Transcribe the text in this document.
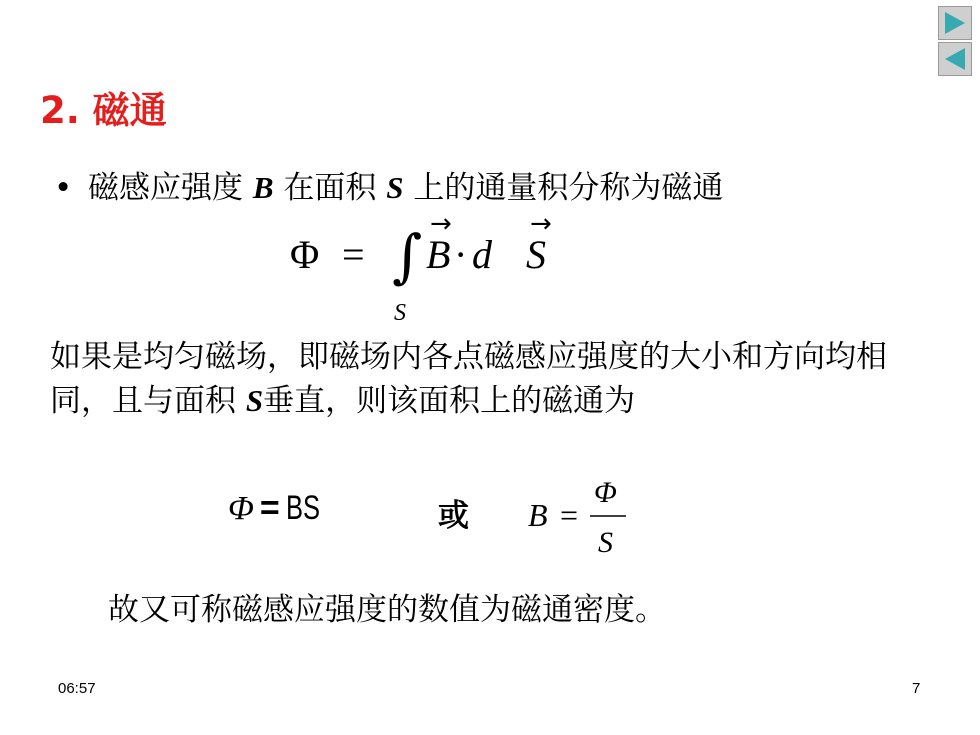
2. 磁通
• 磁感应强度 B 在面积 S 上的通量积分称为磁通
Φ = ∫
S
→
B · d
→
S
如果是均匀磁场，即磁场内各点磁感应强度的大小和方向均相同，且与面积 S垂直，则该面积上的磁通为
Φ = BS	或 B =
Φ
S
故又可称磁感应强度的数值为磁通密度。
06:57	7
